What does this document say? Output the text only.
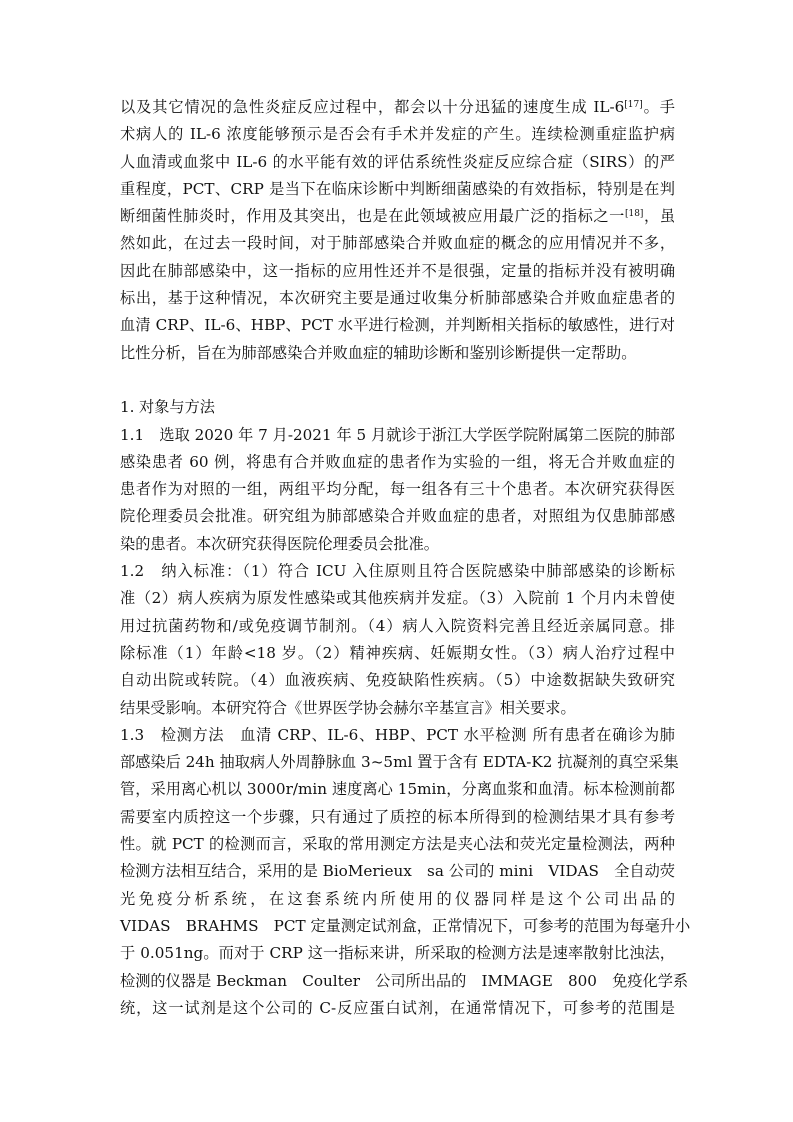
以及其它情况的急性炎症反应过程中，都会以十分迅猛的速度生成 IL-6[17]。手
术病人的 IL-6 浓度能够预示是否会有手术并发症的产生。连续检测重症监护病
人血清或血浆中 IL-6 的水平能有效的评估系统性炎症反应综合症（SIRS）的严
重程度，PCT、CRP 是当下在临床诊断中判断细菌感染的有效指标，特别是在判
断细菌性肺炎时，作用及其突出，也是在此领域被应用最广泛的指标之一[18]，虽
然如此，在过去一段时间，对于肺部感染合并败血症的概念的应用情况并不多，
因此在肺部感染中，这一指标的应用性还并不是很强，定量的指标并没有被明确
标出，基于这种情况，本次研究主要是通过收集分析肺部感染合并败血症患者的
血清 CRP、IL-6、HBP、PCT 水平进行检测，并判断相关指标的敏感性，进行对
比性分析，旨在为肺部感染合并败血症的辅助诊断和鉴别诊断提供一定帮助。
1. 对象与方法
1.1　选取 2020 年 7 月-2021 年 5 月就诊于浙江大学医学院附属第二医院的肺部
感染患者 60 例，将患有合并败血症的患者作为实验的一组，将无合并败血症的
患者作为对照的一组，两组平均分配，每一组各有三十个患者。本次研究获得医
院伦理委员会批准。研究组为肺部感染合并败血症的患者，对照组为仅患肺部感
染的患者。本次研究获得医院伦理委员会批准。
1.2　纳入标准：（1）符合 ICU 入住原则且符合医院感染中肺部感染的诊断标
准（2）病人疾病为原发性感染或其他疾病并发症。（3）入院前 1 个月内未曾使
用过抗菌药物和/或免疫调节制剂。（4）病人入院资料完善且经近亲属同意。排
除标准（1）年龄<18 岁。（2）精神疾病、妊娠期女性。（3）病人治疗过程中
自动出院或转院。（4）血液疾病、免疫缺陷性疾病。（5）中途数据缺失致研究
结果受影响。本研究符合《世界医学协会赫尔辛基宣言》相关要求。
1.3　检测方法　血清 CRP、IL-6、HBP、PCT 水平检测 所有患者在确诊为肺
部感染后 24h 抽取病人外周静脉血 3~5ml 置于含有 EDTA-K2 抗凝剂的真空采集
管，采用离心机以 3000r/min 速度离心 15min，分离血浆和血清。标本检测前都
需要室内质控这一个步骤，只有通过了质控的标本所得到的检测结果才具有参考
性。就 PCT 的检测而言，采取的常用测定方法是夹心法和荧光定量检测法，两种
检测方法相互结合，采用的是 BioMerieux　sa 公司的 mini　VIDAS　全自动荧
光免疫分析系统，在这套系统内所使用的仪器同样是这个公司出品的
VIDAS　BRAHMS　PCT 定量测定试剂盒，正常情况下，可参考的范围为每毫升小
于 0.051ng。而对于 CRP 这一指标来讲，所采取的检测方法是速率散射比浊法，
检测的仪器是 Beckman　Coulter　公司所出品的　IMMAGE　800　免疫化学系
统，这一试剂是这个公司的 C-反应蛋白试剂，在通常情况下，可参考的范围是
